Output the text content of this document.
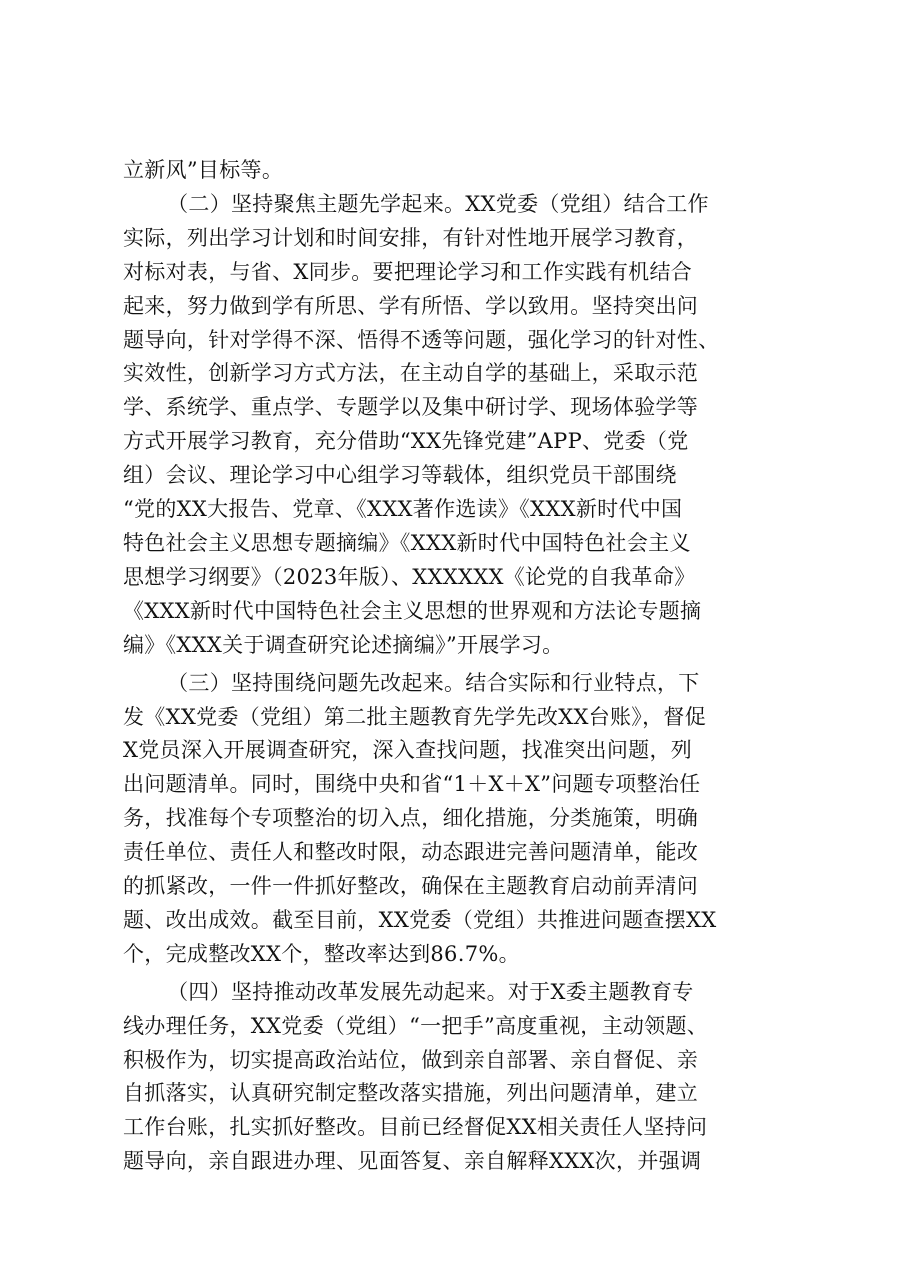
立新风”目标等。

（二）坚持聚焦主题先学起来。XX党委（党组）结合工作
实际，列出学习计划和时间安排，有针对性地开展学习教育，
对标对表，与省、X同步。要把理论学习和工作实践有机结合
起来，努力做到学有所思、学有所悟、学以致用。坚持突出问
题导向，针对学得不深、悟得不透等问题，强化学习的针对性、
实效性，创新学习方式方法，在主动自学的基础上，采取示范
学、系统学、重点学、专题学以及集中研讨学、现场体验学等
方式开展学习教育，充分借助“XX先锋党建”APP、党委（党
组）会议、理论学习中心组学习等载体，组织党员干部围绕
“党的XX大报告、党章、《XXX著作选读》《XXX新时代中国
特色社会主义思想专题摘编》《XXX新时代中国特色社会主义
思想学习纲要》（2023年版）、XXXXXX《论党的自我革命》
《XXX新时代中国特色社会主义思想的世界观和方法论专题摘
编》《XXX关于调查研究论述摘编》”开展学习。

（三）坚持围绕问题先改起来。结合实际和行业特点，下
发《XX党委（党组）第二批主题教育先学先改XX台账》，督促
X党员深入开展调查研究，深入查找问题，找准突出问题，列
出问题清单。同时，围绕中央和省“1＋X＋X”问题专项整治任
务，找准每个专项整治的切入点，细化措施，分类施策，明确
责任单位、责任人和整改时限，动态跟进完善问题清单，能改
的抓紧改，一件一件抓好整改，确保在主题教育启动前弄清问
题、改出成效。截至目前，XX党委（党组）共推进问题查摆XX
个，完成整改XX个，整改率达到86.7%。

（四）坚持推动改革发展先动起来。对于X委主题教育专
线办理任务，XX党委（党组）“一把手”高度重视，主动领题、
积极作为，切实提高政治站位，做到亲自部署、亲自督促、亲
自抓落实，认真研究制定整改落实措施，列出问题清单，建立
工作台账，扎实抓好整改。目前已经督促XX相关责任人坚持问
题导向，亲自跟进办理、见面答复、亲自解释XXX次，并强调
